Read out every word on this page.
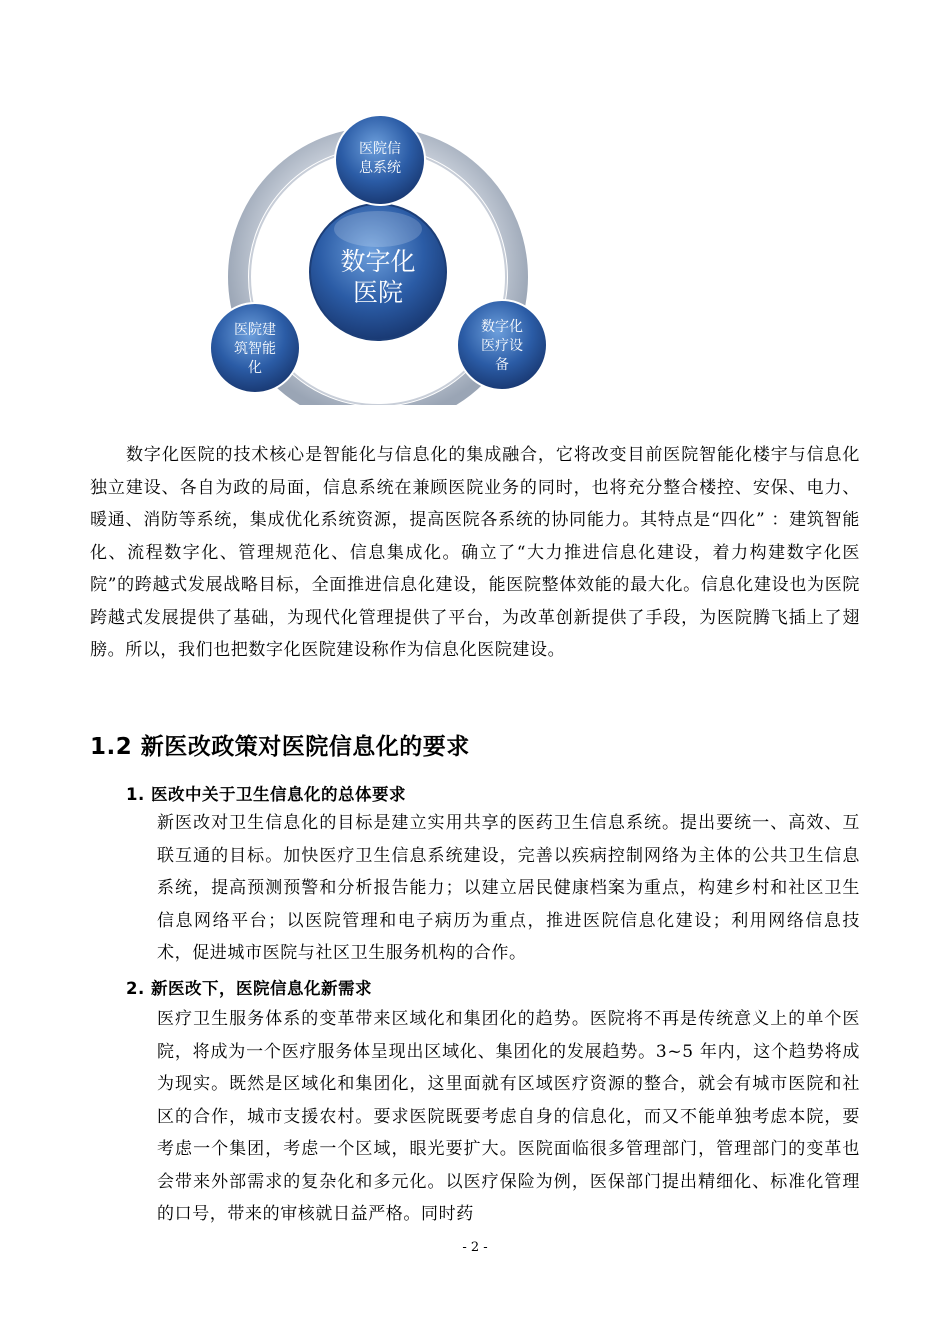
数字化
医院
医院信
息系统
医院建
筑智能
化
数字化
医疗设
备

数字化医院的技术核心是智能化与信息化的集成融合，它将改变目前医院智能化楼宇与信息化独立建设、各自为政的局面，信息系统在兼顾医院业务的同时，也将充分整合楼控、安保、电力、暖通、消防等系统，集成优化系统资源，提高医院各系统的协同能力。其特点是“四化” ：建筑智能化、流程数字化、管理规范化、信息集成化。确立了“大力推进信息化建设，着力构建数字化医院”的跨越式发展战略目标，全面推进信息化建设，能医院整体效能的最大化。信息化建设也为医院跨越式发展提供了基础，为现代化管理提供了平台，为改革创新提供了手段，为医院腾飞插上了翅膀。所以，我们也把数字化医院建设称作为信息化医院建设。

1.2 新医改政策对医院信息化的要求
1. 医改中关于卫生信息化的总体要求

新医改对卫生信息化的目标是建立实用共享的医药卫生信息系统。提出要统一、高效、互联互通的目标。加快医疗卫生信息系统建设，完善以疾病控制网络为主体的公共卫生信息系统，提高预测预警和分析报告能力；以建立居民健康档案为重点，构建乡村和社区卫生信息网络平台；以医院管理和电子病历为重点，推进医院信息化建设；利用网络信息技术，促进城市医院与社区卫生服务机构的合作。

2. 新医改下，医院信息化新需求

医疗卫生服务体系的变革带来区域化和集团化的趋势。医院将不再是传统意义上的单个医院，将成为一个医疗服务体呈现出区域化、集团化的发展趋势。3~5 年内，这个趋势将成为现实。既然是区域化和集团化，这里面就有区域医疗资源的整合，就会有城市医院和社区的合作，城市支援农村。要求医院既要考虑自身的信息化，而又不能单独考虑本院，要考虑一个集团，考虑一个区域，眼光要扩大。医院面临很多管理部门，管理部门的变革也会带来外部需求的复杂化和多元化。以医疗保险为例，医保部门提出精细化、标准化管理的口号，带来的审核就日益严格。同时药

- 2 -
